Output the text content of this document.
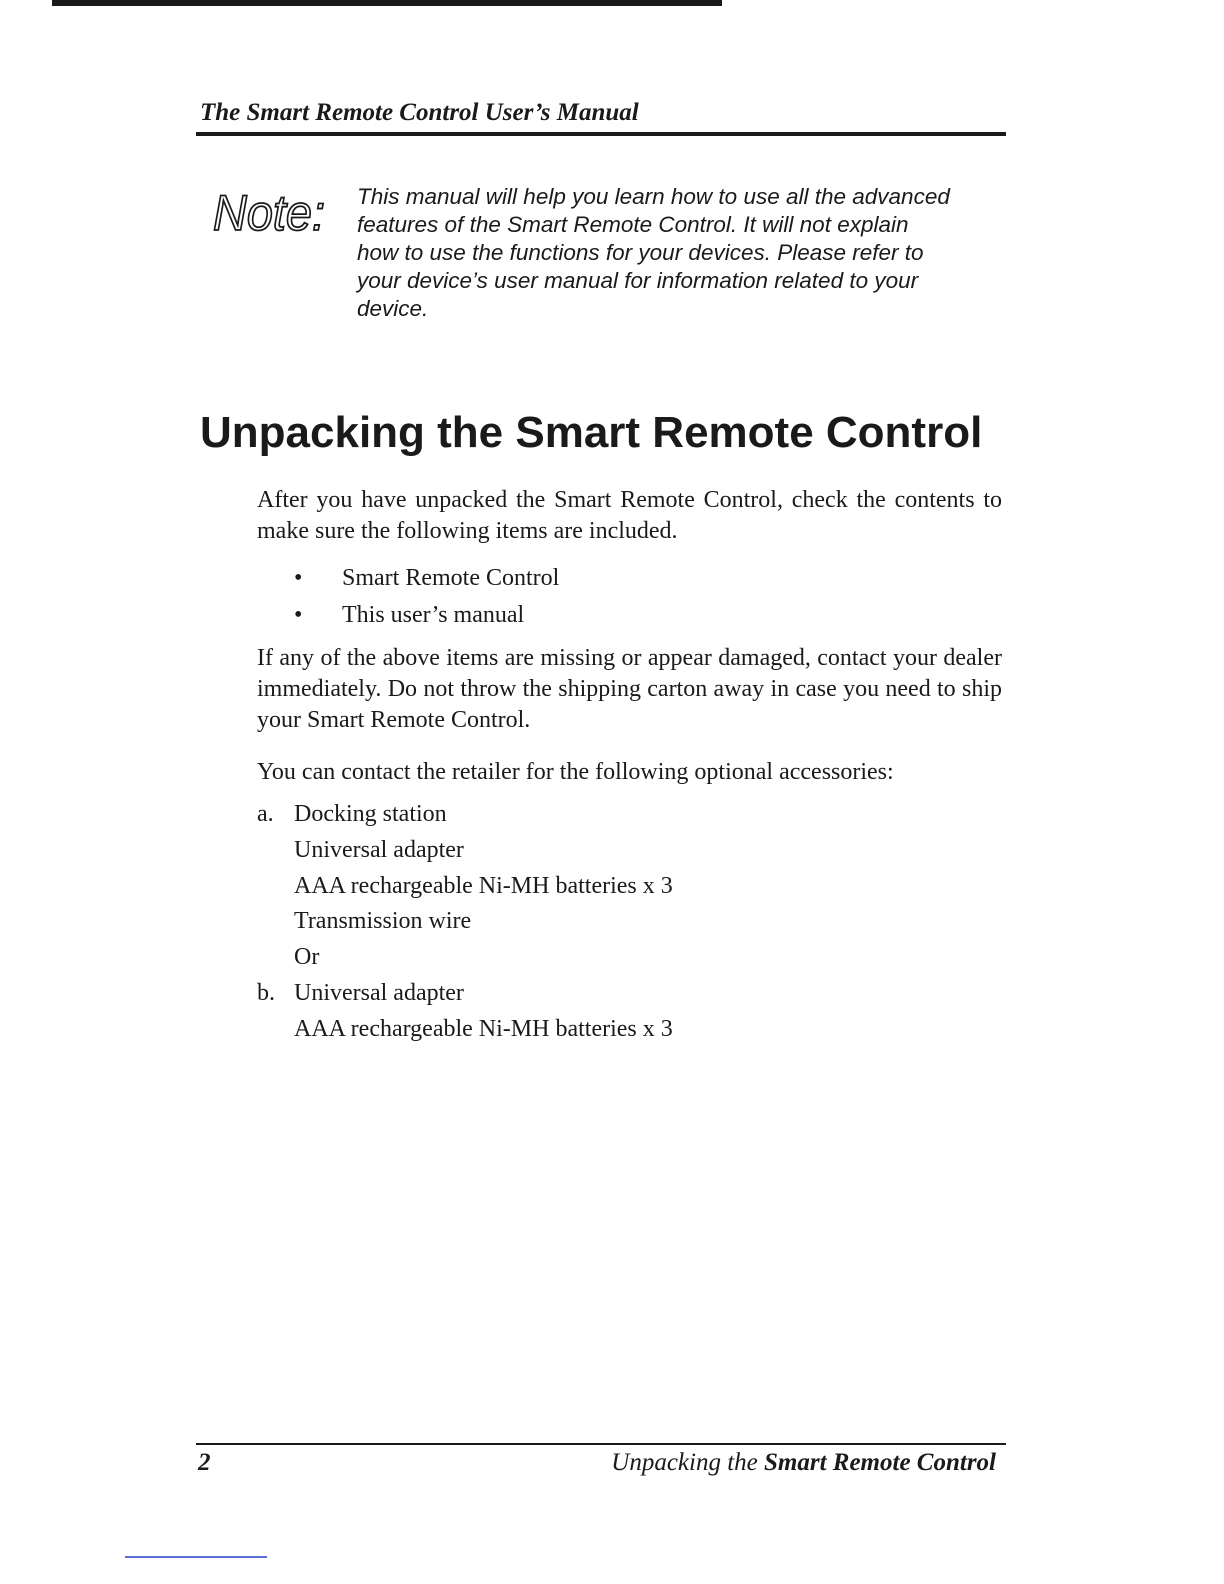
The Smart Remote Control User’s Manual
Note: This manual will help you learn how to use all the advanced

features of the Smart Remote Control. It will not explain

how to use the functions for your devices. Please refer to

your device’s user manual for information related to your

device.

Unpacking the Smart Remote Control

After you have unpacked the Smart Remote Control, check the contents to make sure the following items are included.

• Smart Remote Control
• This user’s manual

If any of the above items are missing or appear damaged, contact your dealer immediately. Do not throw the shipping carton away in case you need to ship your Smart Remote Control.

You can contact the retailer for the following optional accessories:

a. Docking station
Universal adapter
AAA rechargeable Ni-MH batteries x 3
Transmission wire
Or
b. Universal adapter
AAA rechargeable Ni-MH batteries x 3
2	Unpacking the Smart Remote Control
